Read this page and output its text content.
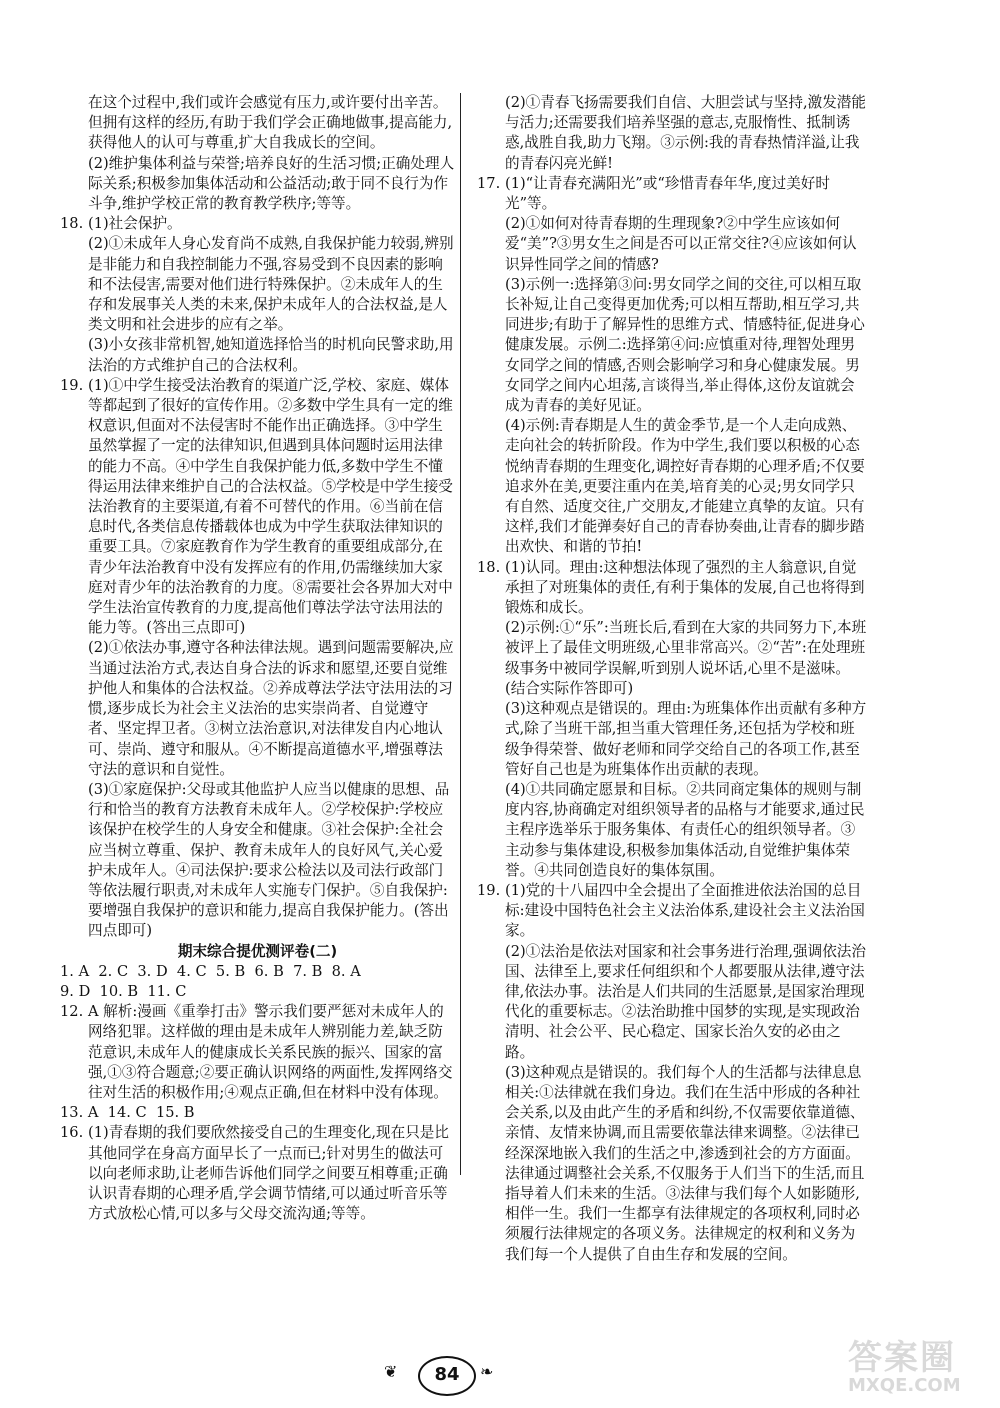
在这个过程中,我们或许会感觉有压力,或许要付出辛苦。但拥有这样的经历,有助于我们学会正确地做事,提高能力,获得他人的认可与尊重,扩大自我成长的空间。

(2)维护集体利益与荣誉;培养良好的生活习惯;正确处理人际关系;积极参加集体活动和公益活动;敢于同不良行为作斗争,维护学校正常的教育教学秩序;等等。

18. (1)社会保护。

(2)①未成年人身心发育尚不成熟,自我保护能力较弱,辨别是非能力和自我控制能力不强,容易受到不良因素的影响和不法侵害,需要对他们进行特殊保护。②未成年人的生存和发展事关人类的未来,保护未成年人的合法权益,是人类文明和社会进步的应有之举。

(3)小女孩非常机智,她知道选择恰当的时机向民警求助,用法治的方式维护自己的合法权利。

19. (1)①中学生接受法治教育的渠道广泛,学校、家庭、媒体等都起到了很好的宣传作用。②多数中学生具有一定的维权意识,但面对不法侵害时不能作出正确选择。③中学生虽然掌握了一定的法律知识,但遇到具体问题时运用法律的能力不高。④中学生自我保护能力低,多数中学生不懂得运用法律来维护自己的合法权益。⑤学校是中学生接受法治教育的主要渠道,有着不可替代的作用。⑥当前在信息时代,各类信息传播载体也成为中学生获取法律知识的重要工具。⑦家庭教育作为学生教育的重要组成部分,在青少年法治教育中没有发挥应有的作用,仍需继续加大家庭对青少年的法治教育的力度。⑧需要社会各界加大对中学生法治宣传教育的力度,提高他们尊法学法守法用法的能力等。(答出三点即可)

(2)①依法办事,遵守各种法律法规。遇到问题需要解决,应当通过法治方式,表达自身合法的诉求和愿望,还要自觉维护他人和集体的合法权益。②养成尊法学法守法用法的习惯,逐步成长为社会主义法治的忠实崇尚者、自觉遵守者、坚定捍卫者。③树立法治意识,对法律发自内心地认可、崇尚、遵守和服从。④不断提高道德水平,增强尊法守法的意识和自觉性。

(3)①家庭保护:父母或其他监护人应当以健康的思想、品行和恰当的教育方法教育未成年人。②学校保护:学校应该保护在校学生的人身安全和健康。③社会保护:全社会应当树立尊重、保护、教育未成年人的良好风气,关心爱护未成年人。④司法保护:要求公检法以及司法行政部门等依法履行职责,对未成年人实施专门保护。⑤自我保护:要增强自我保护的意识和能力,提高自我保护能力。(答出四点即可)

期末综合提优测评卷(二)

1. A  2. C  3. D  4. C  5. B  6. B  7. B  8. A
9. D  10. B  11. C
12. A 解析:漫画《重拳打击》警示我们要严惩对未成年人的网络犯罪。这样做的理由是未成年人辨别能力差,缺乏防范意识,未成年人的健康成长关系民族的振兴、国家的富强,①③符合题意;②要正确认识网络的两面性,发挥网络交往对生活的积极作用;④观点正确,但在材料中没有体现。

13. A  14. C  15. B
16. (1)青春期的我们要欣然接受自己的生理变化,现在只是比其他同学在身高方面早长了一点而已;针对男生的做法可以向老师求助,让老师告诉他们同学之间要互相尊重;正确认识青春期的心理矛盾,学会调节情绪,可以通过听音乐等方式放松心情,可以多与父母交流沟通;等等。

(2)①青春飞扬需要我们自信、大胆尝试与坚持,激发潜能与活力;还需要我们培养坚强的意志,克服惰性、抵制诱惑,战胜自我,助力飞翔。③示例:我的青春热情洋溢,让我的青春闪亮光鲜!

17. (1)“让青春充满阳光”或“珍惜青春年华,度过美好时光”等。

(2)①如何对待青春期的生理现象?②中学生应该如何爱“美”?③男女生之间是否可以正常交往?④应该如何认识异性同学之间的情感?

(3)示例一:选择第③问:男女同学之间的交往,可以相互取长补短,让自己变得更加优秀;可以相互帮助,相互学习,共同进步;有助于了解异性的思维方式、情感特征,促进身心健康发展。示例二:选择第④问:应慎重对待,理智处理男女同学之间的情感,否则会影响学习和身心健康发展。男女同学之间内心坦荡,言谈得当,举止得体,这份友谊就会成为青春的美好见证。

(4)示例:青春期是人生的黄金季节,是一个人走向成熟、走向社会的转折阶段。作为中学生,我们要以积极的心态悦纳青春期的生理变化,调控好青春期的心理矛盾;不仅要追求外在美,更要注重内在美,培育美的心灵;男女同学只有自然、适度交往,广交朋友,才能建立真挚的友谊。只有这样,我们才能弹奏好自己的青春协奏曲,让青春的脚步踏出欢快、和谐的节拍!

18. (1)认同。理由:这种想法体现了强烈的主人翁意识,自觉承担了对班集体的责任,有利于集体的发展,自己也将得到锻炼和成长。

(2)示例:①“乐”:当班长后,看到在大家的共同努力下,本班被评上了最佳文明班级,心里非常高兴。②“苦”:在处理班级事务中被同学误解,听到别人说坏话,心里不是滋味。(结合实际作答即可)

(3)这种观点是错误的。理由:为班集体作出贡献有多种方式,除了当班干部,担当重大管理任务,还包括为学校和班级争得荣誉、做好老师和同学交给自己的各项工作,甚至管好自己也是为班集体作出贡献的表现。

(4)①共同确定愿景和目标。②共同商定集体的规则与制度内容,协商确定对组织领导者的品格与才能要求,通过民主程序选举乐于服务集体、有责任心的组织领导者。③主动参与集体建设,积极参加集体活动,自觉维护集体荣誉。④共同创造良好的集体氛围。

19. (1)党的十八届四中全会提出了全面推进依法治国的总目标:建设中国特色社会主义法治体系,建设社会主义法治国家。

(2)①法治是依法对国家和社会事务进行治理,强调依法治国、法律至上,要求任何组织和个人都要服从法律,遵守法律,依法办事。法治是人们共同的生活愿景,是国家治理现代化的重要标志。②法治助推中国梦的实现,是实现政治清明、社会公平、民心稳定、国家长治久安的必由之路。

(3)这种观点是错误的。我们每个人的生活都与法律息息相关:①法律就在我们身边。我们在生活中形成的各种社会关系,以及由此产生的矛盾和纠纷,不仅需要依靠道德、亲情、友情来协调,而且需要依靠法律来调整。②法律已经深深地嵌入我们的生活之中,渗透到社会的方方面面。法律通过调整社会关系,不仅服务于人们当下的生活,而且指导着人们未来的生活。③法律与我们每个人如影随形,相伴一生。我们一生都享有法律规定的各项权利,同时必须履行法律规定的各项义务。法律规定的权利和义务为我们每一个人提供了自由生存和发展的空间。

❦	84	❧	答案圈
MXQE.COM
